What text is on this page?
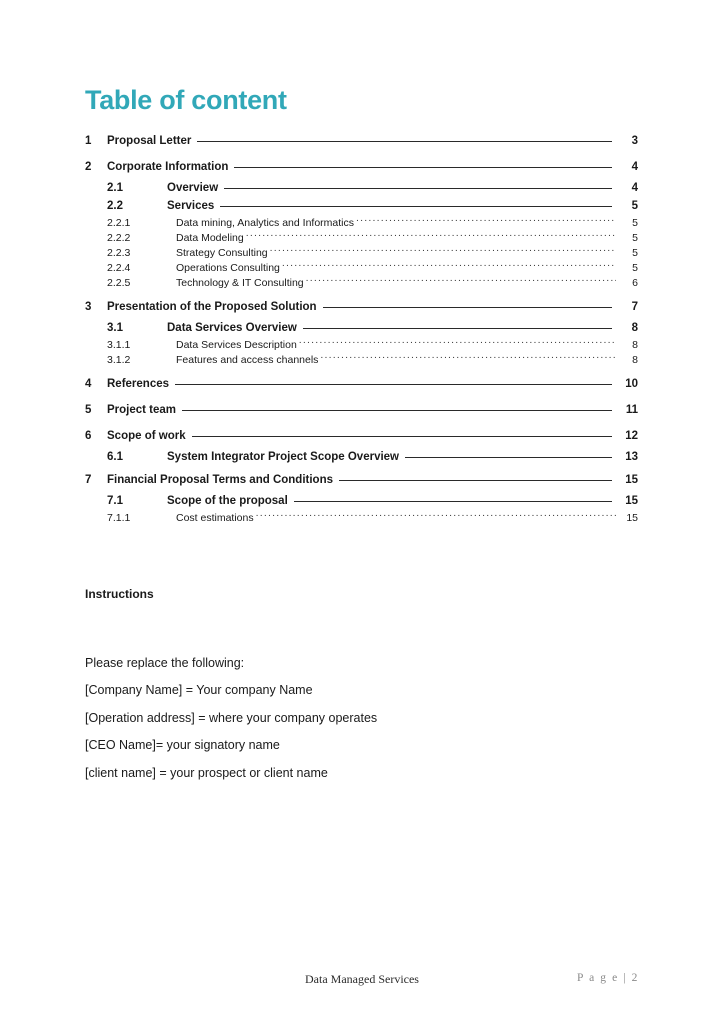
Table of content
1	Proposal Letter	3
2	Corporate Information	4
2.1	Overview	4
2.2	Services	5
2.2.1	Data mining, Analytics and Informatics .....	5
2.2.2	Data Modeling .....	5
2.2.3	Strategy Consulting .....	5
2.2.4	Operations Consulting .....	5
2.2.5	Technology & IT Consulting .....	6
3	Presentation of the Proposed Solution	7
3.1	Data Services Overview	8
3.1.1	Data Services Description .....	8
3.1.2	Features and access channels .....	8
4	References	10
5	Project team	11
6	Scope of work	12
6.1	System Integrator Project Scope Overview	13
7	Financial Proposal Terms and Conditions	15
7.1	Scope of the proposal	15
7.1.1	Cost estimations .....	15
Instructions

Please replace the following:

[Company Name] = Your company Name

[Operation address] = where your company operates

[CEO Name]= your signatory name

[client name] = your prospect or client name

Data Managed Services	P a g e | 2
